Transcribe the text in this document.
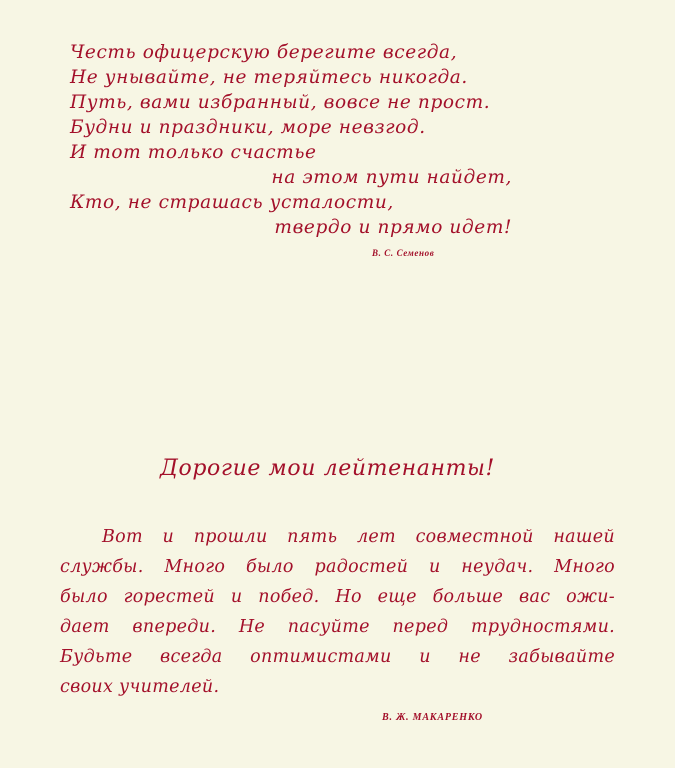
Честь офицерскую берегите всегда,
Не унывайте, не теряйтесь никогда.
Путь, вами избранный, вовсе не прост.
Будни и праздники, море невзгод.
И тот только счастье
на этом пути найдет,
Кто, не страшась усталости,
твердо и прямо идет!
В. С. Семенов
Дорогие мои лейтенанты!
Вот и прошли пять лет совместной нашей
службы. Много было радостей и неудач. Много
было горестей и побед. Но еще больше вас ожи-
дает впереди. Не пасуйте перед трудностями.
Будьте всегда оптимистами и не забывайте
своих учителей.
В. Ж. МАКАРЕНКО
